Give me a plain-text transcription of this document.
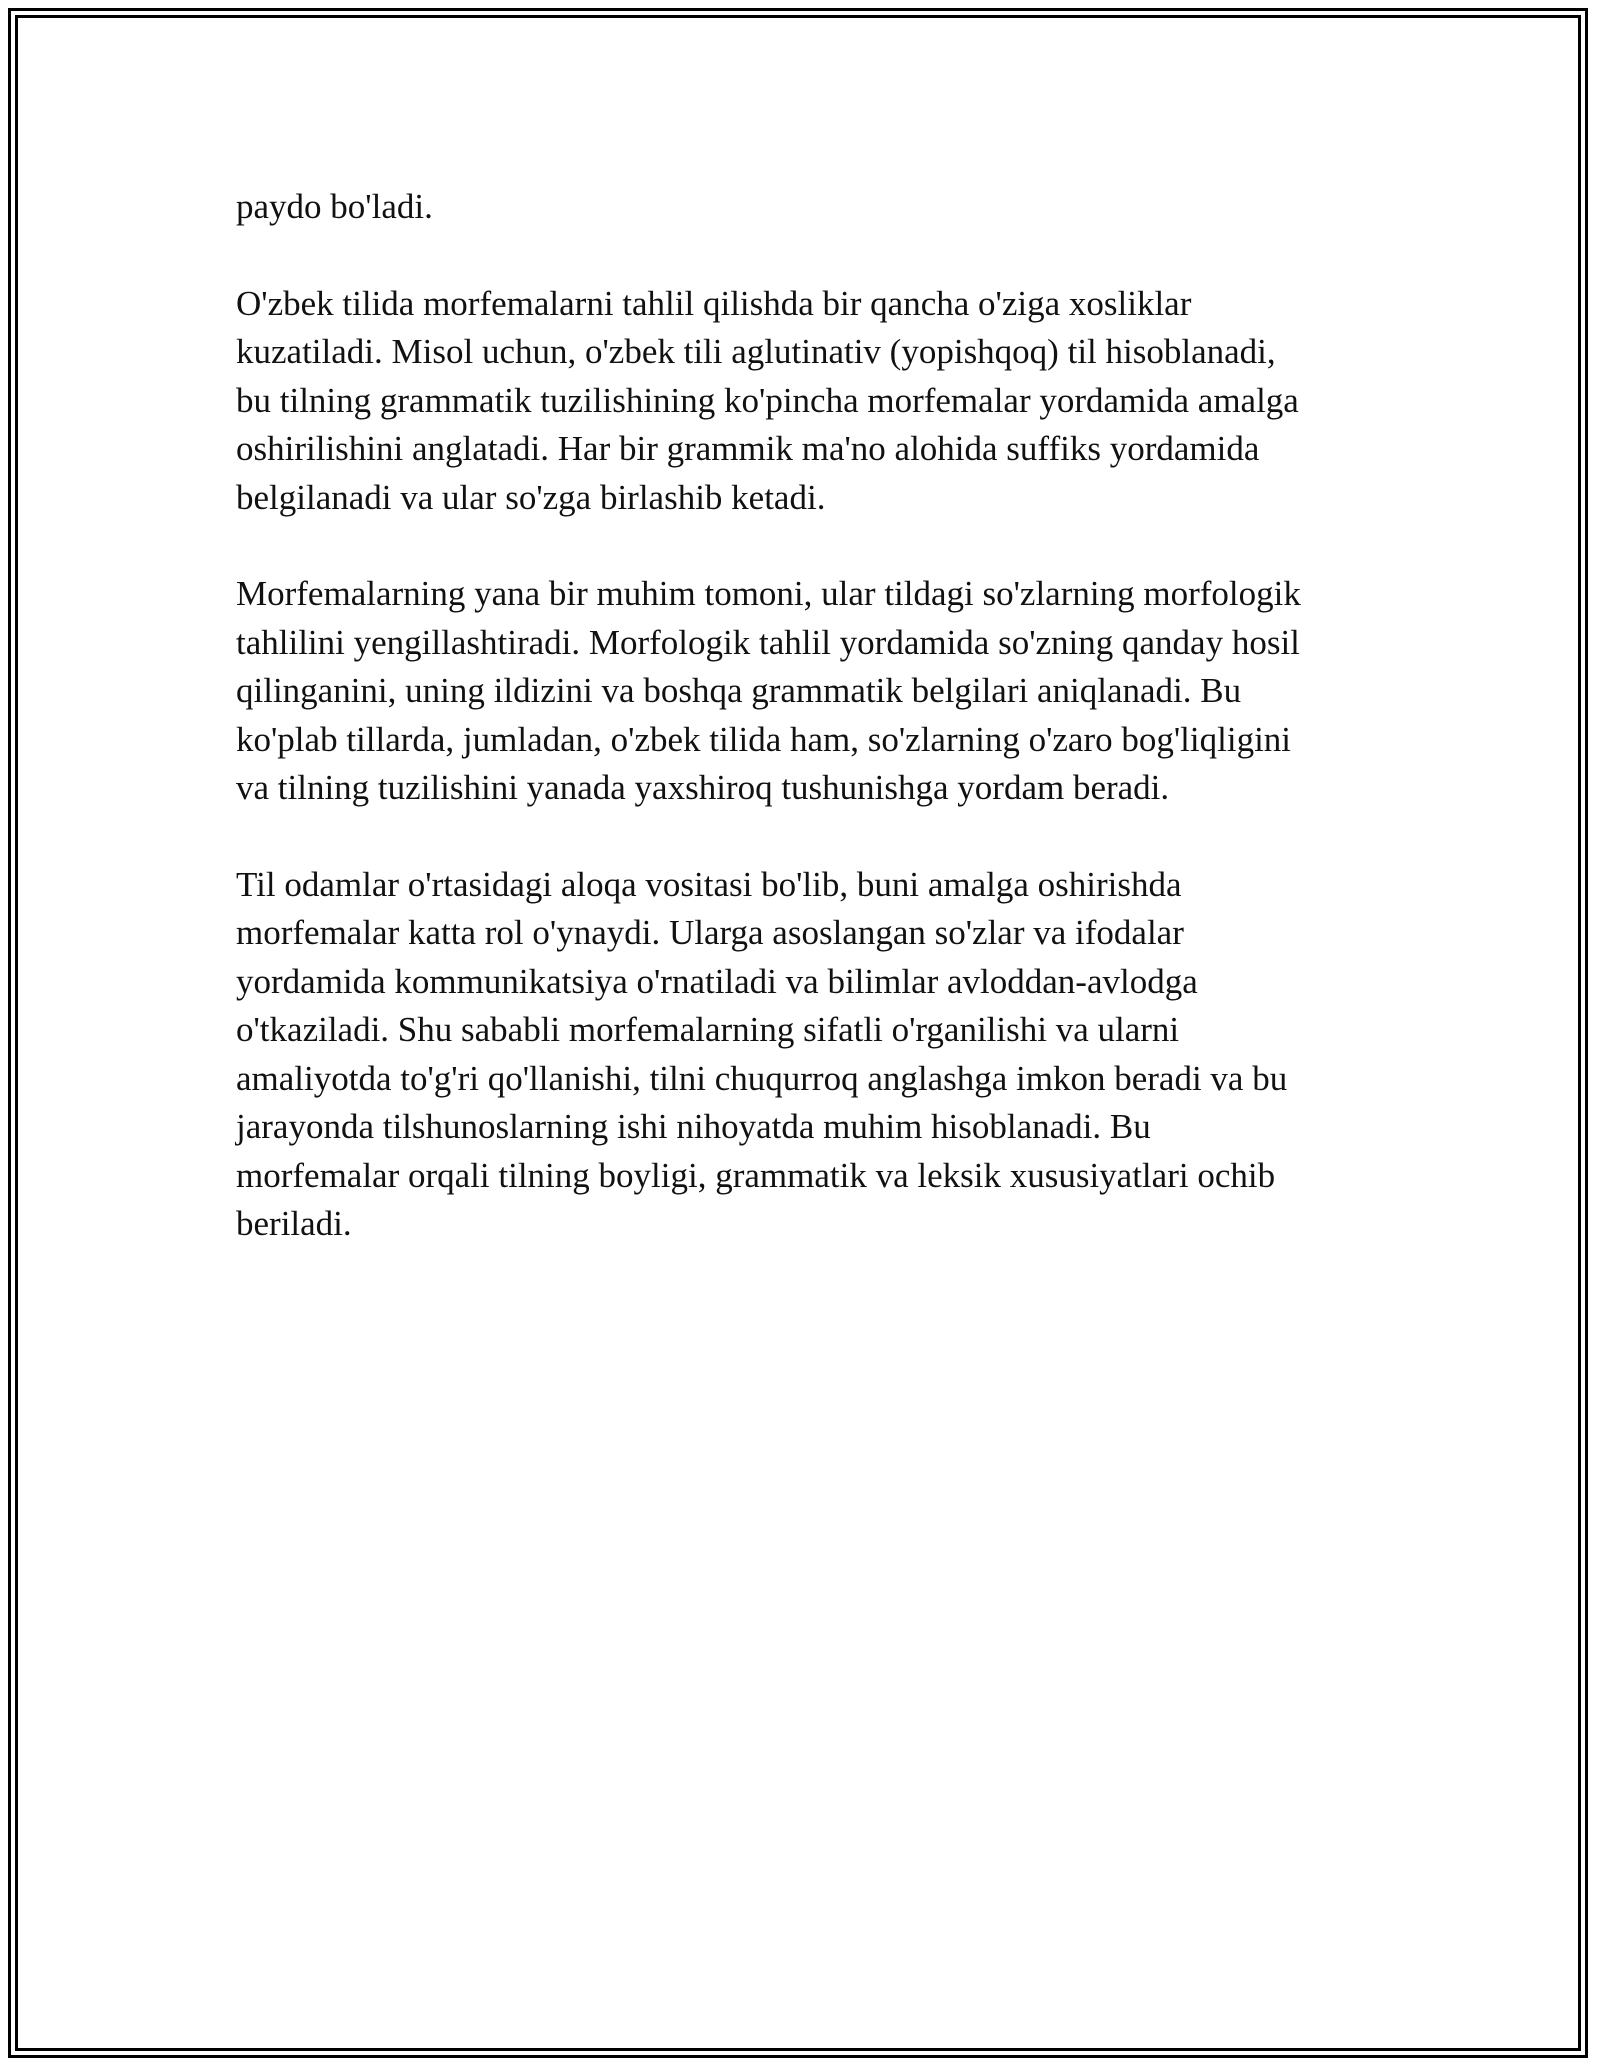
paydo bo'ladi.

O'zbek tilida morfemalarni tahlil qilishda bir qancha o'ziga xosliklar
kuzatiladi. Misol uchun, o'zbek tili aglutinativ (yopishqoq) til hisoblanadi,
bu tilning grammatik tuzilishining ko'pincha morfemalar yordamida amalga
oshirilishini anglatadi. Har bir grammik ma'no alohida suffiks yordamida
belgilanadi va ular so'zga birlashib ketadi.

Morfemalarning yana bir muhim tomoni, ular tildagi so'zlarning morfologik
tahlilini yengillashtiradi. Morfologik tahlil yordamida so'zning qanday hosil
qilinganini, uning ildizini va boshqa grammatik belgilari aniqlanadi. Bu
ko'plab tillarda, jumladan, o'zbek tilida ham, so'zlarning o'zaro bog'liqligini
va tilning tuzilishini yanada yaxshiroq tushunishga yordam beradi.

Til odamlar o'rtasidagi aloqa vositasi bo'lib, buni amalga oshirishda
morfemalar katta rol o'ynaydi. Ularga asoslangan so'zlar va ifodalar
yordamida kommunikatsiya o'rnatiladi va bilimlar avloddan-avlodga
o'tkaziladi. Shu sababli morfemalarning sifatli o'rganilishi va ularni
amaliyotda to'g'ri qo'llanishi, tilni chuqurroq anglashga imkon beradi va bu
jarayonda tilshunoslarning ishi nihoyatda muhim hisoblanadi. Bu
morfemalar orqali tilning boyligi, grammatik va leksik xususiyatlari ochib
beriladi.
